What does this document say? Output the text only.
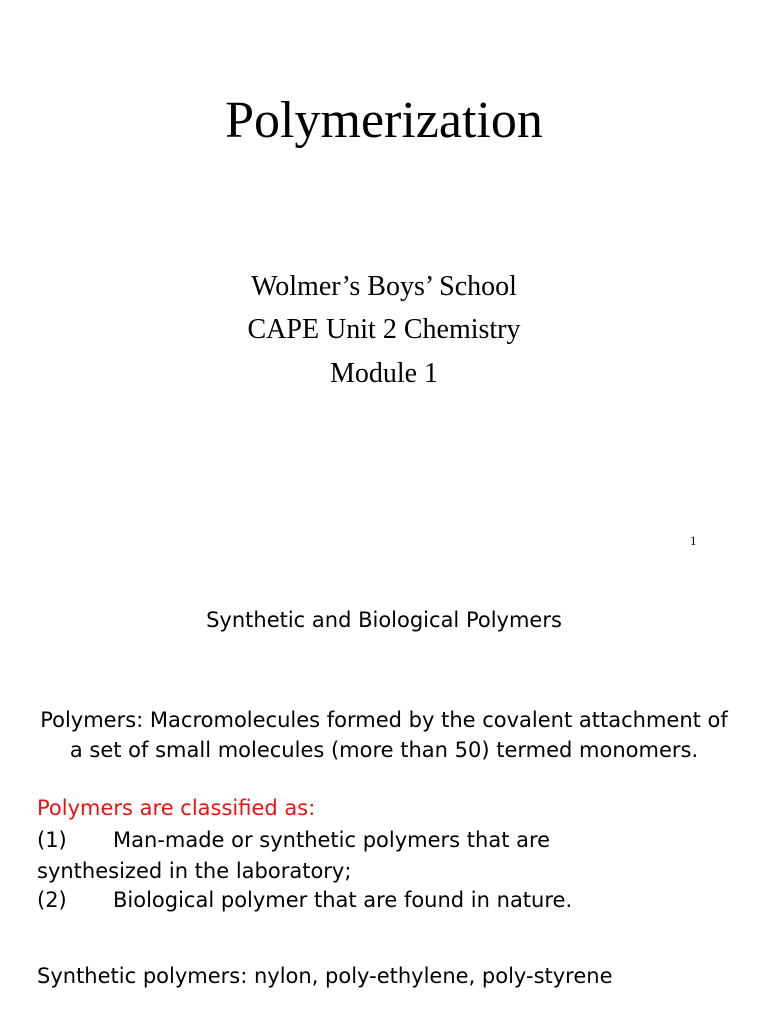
Polymerization
Wolmer’s Boys’ School
CAPE Unit 2 Chemistry
Module 1
1
Synthetic and Biological Polymers

Polymers: Macromolecules formed by the covalent attachment of a set of small molecules (more than 50) termed monomers.

Polymers are classified as:
(1) Man-made or synthetic polymers that are
synthesized in the laboratory;
(2) Biological polymer that are found in nature.
Synthetic polymers: nylon, poly-ethylene, poly-styrene
